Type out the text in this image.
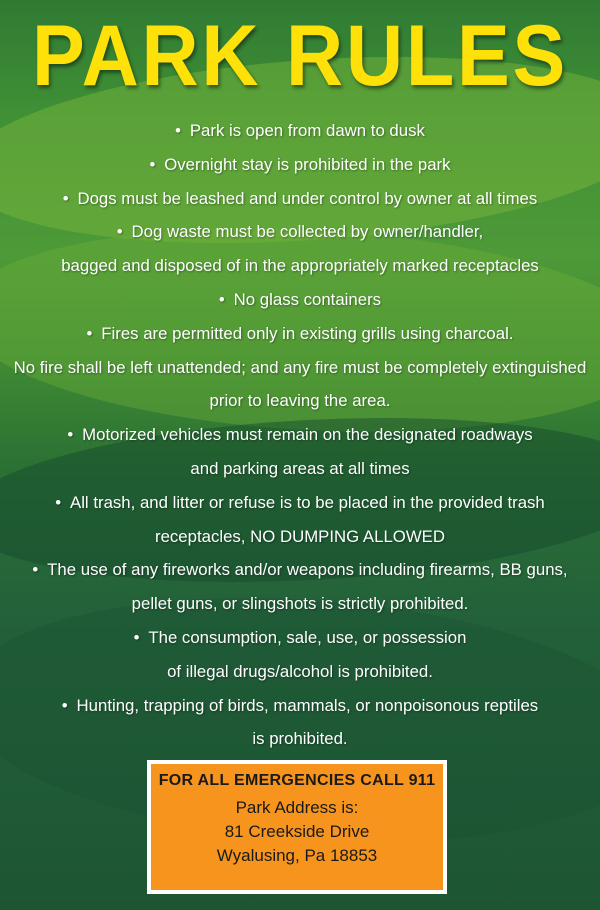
PARK RULES
• Park is open from dawn to dusk
• Overnight stay is prohibited in the park
• Dogs must be leashed and under control by owner at all times
• Dog waste must be collected by owner/handler,
bagged and disposed of in the appropriately marked receptacles
• No glass containers
• Fires are permitted only in existing grills using charcoal.
No fire shall be left unattended; and any fire must be completely extinguished
prior to leaving the area.
• Motorized vehicles must remain on the designated roadways
and parking areas at all times
• All trash, and litter or refuse is to be placed in the provided trash
receptacles, NO DUMPING ALLOWED
• The use of any fireworks and/or weapons including firearms, BB guns,
pellet guns, or slingshots is strictly prohibited.
• The consumption, sale, use, or possession
of illegal drugs/alcohol is prohibited.
• Hunting, trapping of birds, mammals, or nonpoisonous reptiles
is prohibited.
FOR ALL EMERGENCIES CALL 911
Park Address is:
81 Creekside Drive
Wyalusing, Pa 18853
